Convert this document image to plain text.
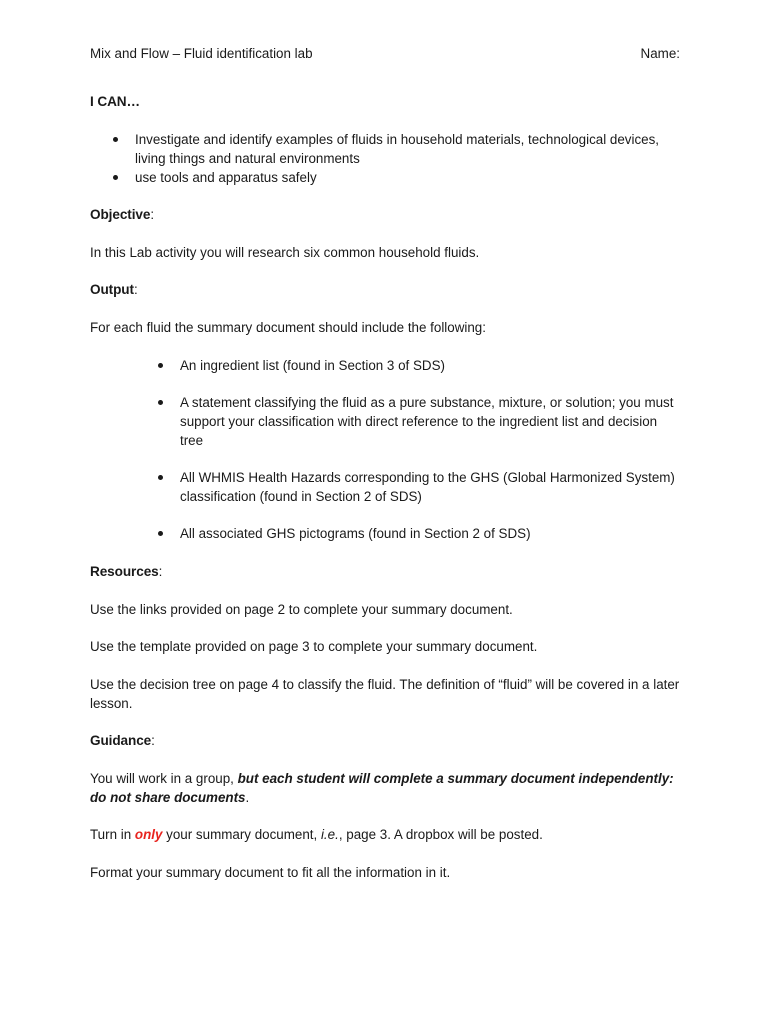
Mix and Flow – Fluid identification lab	Name:
I CAN…
Investigate and identify examples of fluids in household materials, technological devices, living things and natural environments
use tools and apparatus safely
Objective:

In this Lab activity you will research six common household fluids.

Output:

For each fluid the summary document should include the following:

An ingredient list (found in Section 3 of SDS)
A statement classifying the fluid as a pure substance, mixture, or solution; you must support your classification with direct reference to the ingredient list and decision tree
All WHMIS Health Hazards corresponding to the GHS (Global Harmonized System) classification (found in Section 2 of SDS)
All associated GHS pictograms (found in Section 2 of SDS)
Resources:

Use the links provided on page 2 to complete your summary document.

Use the template provided on page 3 to complete your summary document.

Use the decision tree on page 4 to classify the fluid. The definition of “fluid” will be covered in a later lesson.

Guidance:

You will work in a group, but each student will complete a summary document independently: do not share documents.

Turn in only your summary document, i.e., page 3. A dropbox will be posted.

Format your summary document to fit all the information in it.
